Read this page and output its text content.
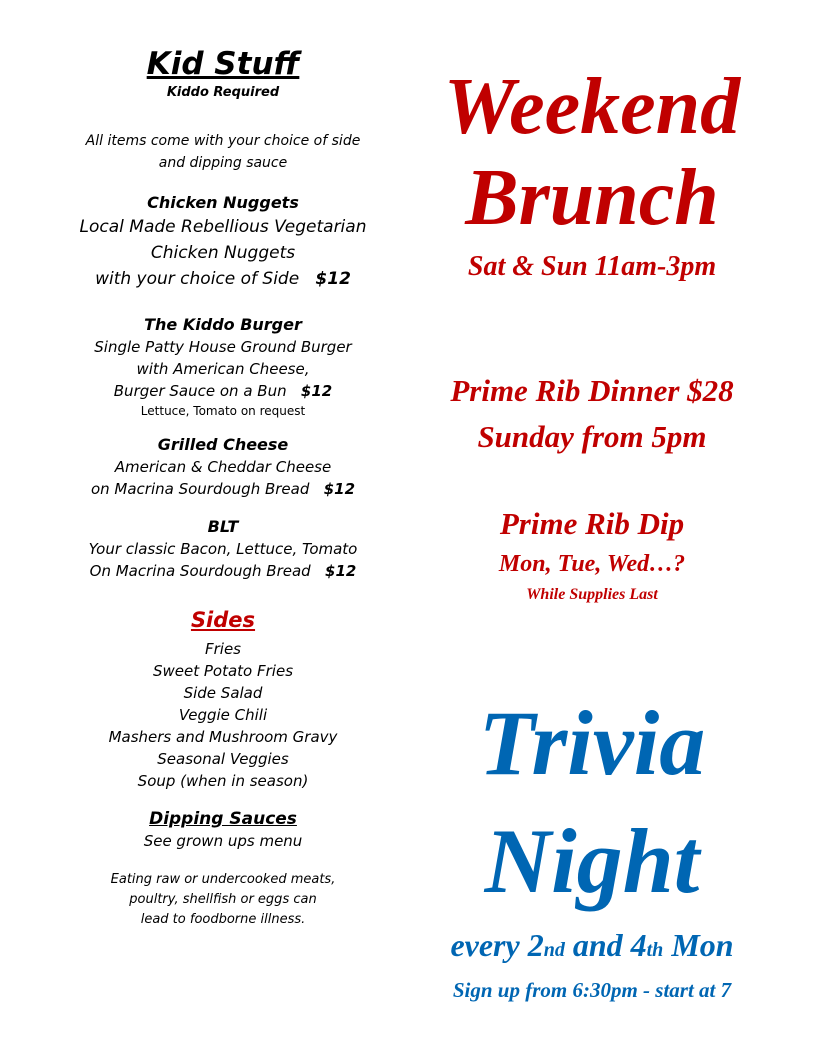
Kid Stuff
Kiddo Required
All items come with your choice of side
and dipping sauce
Chicken Nuggets
Local Made Rebellious Vegetarian
Chicken Nuggets
with your choice of Side $12
The Kiddo Burger
Single Patty House Ground Burger
with American Cheese,
Burger Sauce on a Bun $12
Lettuce, Tomato on request
Grilled Cheese
American & Cheddar Cheese
on Macrina Sourdough Bread $12
BLT
Your classic Bacon, Lettuce, Tomato
On Macrina Sourdough Bread $12
Sides
Fries
Sweet Potato Fries
Side Salad
Veggie Chili
Mashers and Mushroom Gravy
Seasonal Veggies
Soup (when in season)
Dipping Sauces
See grown ups menu
Eating raw or undercooked meats,
poultry, shellfish or eggs can
lead to foodborne illness.
Weekend
Brunch
Sat & Sun 11am-3pm
Prime Rib Dinner $28
Sunday from 5pm
Prime Rib Dip
Mon, Tue, Wed…?
While Supplies Last
Trivia
Night
every 2nd and 4th Mon
Sign up from 6:30pm - start at 7
